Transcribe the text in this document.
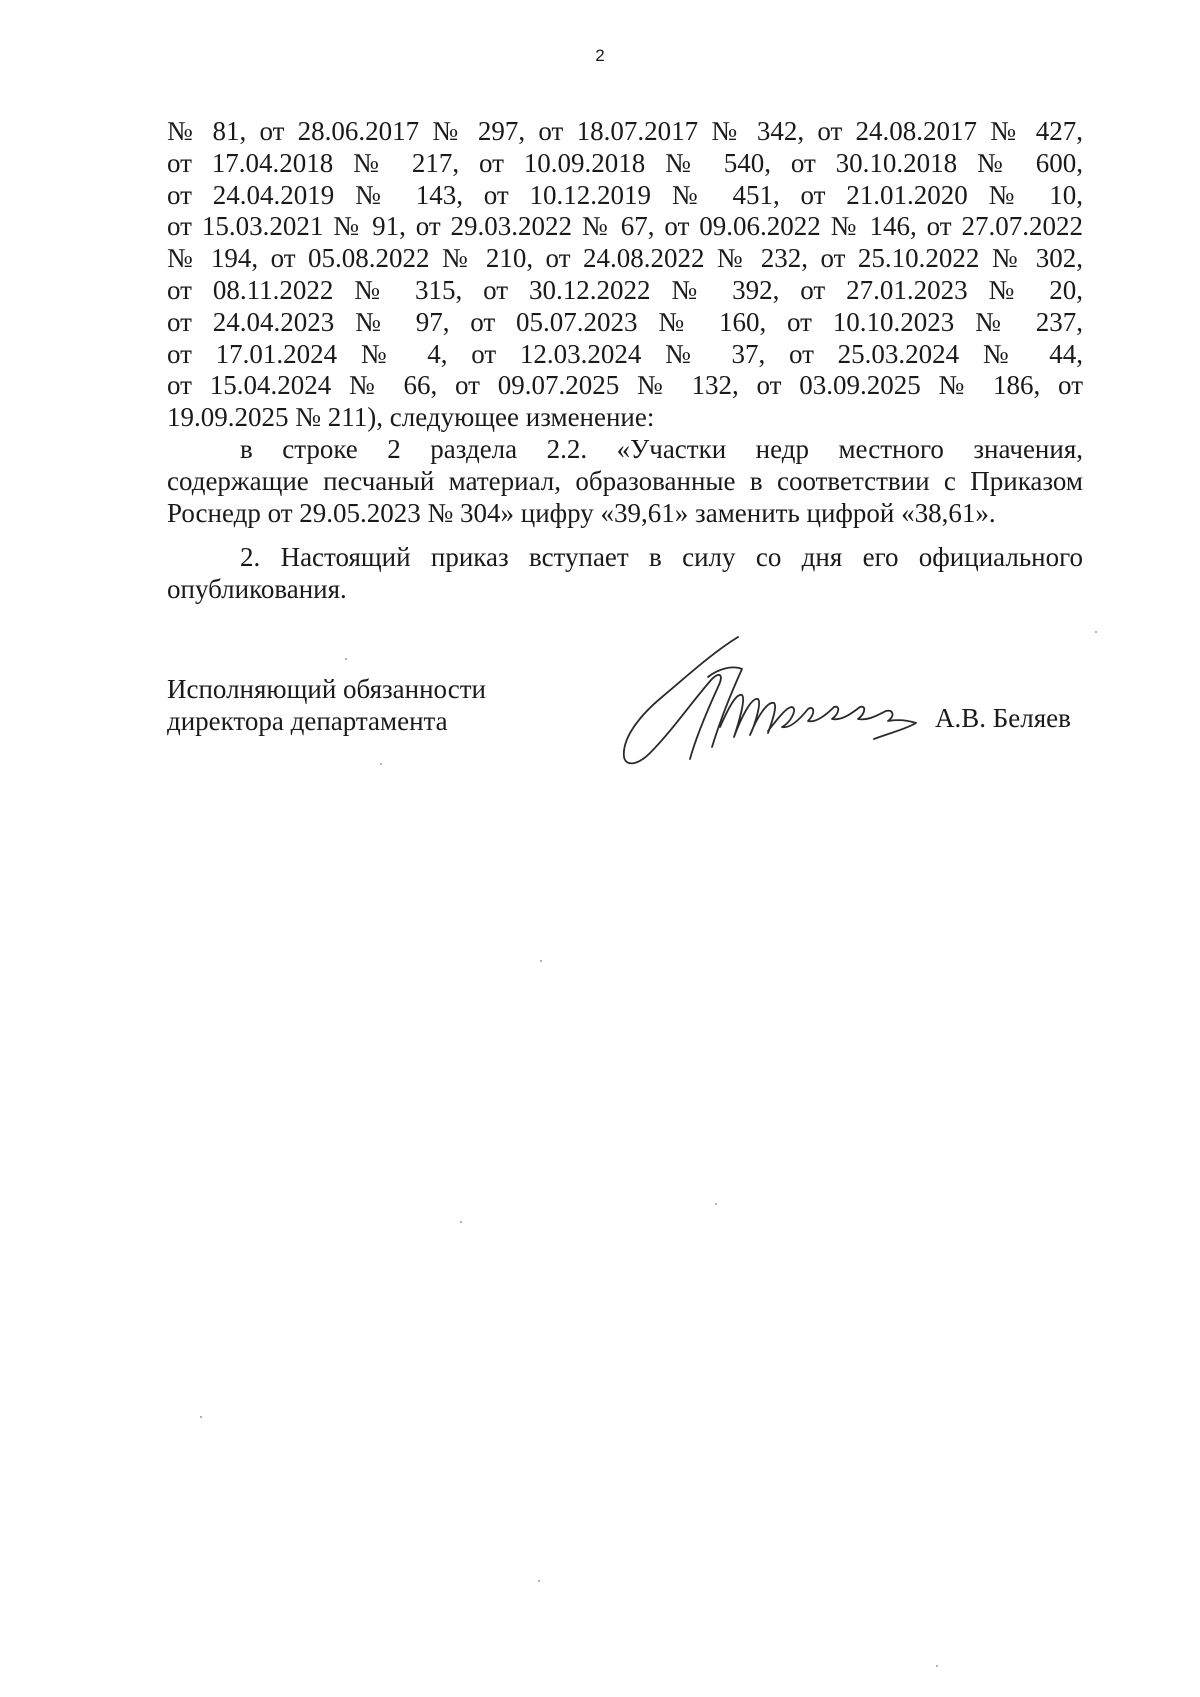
2
№ 81, от 28.06.2017 № 297, от 18.07.2017 № 342, от 24.08.2017 № 427,
от 17.04.2018 № 217, от 10.09.2018 № 540, от 30.10.2018 № 600,
от 24.04.2019 № 143, от 10.12.2019 № 451, от 21.01.2020 № 10,
от 15.03.2021 № 91, от 29.03.2022 № 67, от 09.06.2022 № 146, от 27.07.2022
№ 194, от 05.08.2022 № 210, от 24.08.2022 № 232, от 25.10.2022 № 302,
от 08.11.2022 № 315, от 30.12.2022 № 392, от 27.01.2023 № 20,
от 24.04.2023 № 97, от 05.07.2023 № 160, от 10.10.2023 № 237,
от 17.01.2024 № 4, от 12.03.2024 № 37, от 25.03.2024 № 44,
от 15.04.2024 № 66, от 09.07.2025 № 132, от 03.09.2025 № 186, от
19.09.2025 № 211), следующее изменение:
в строке 2 раздела 2.2. «Участки недр местного значения,
содержащие песчаный материал, образованные в соответствии с Приказом
Роснедр от 29.05.2023 № 304» цифру «39,61» заменить цифрой «38,61».
2. Настоящий приказ вступает в силу со дня его официального
опубликования.
Исполняющий обязанности
директора департамента	А.В. Беляев
